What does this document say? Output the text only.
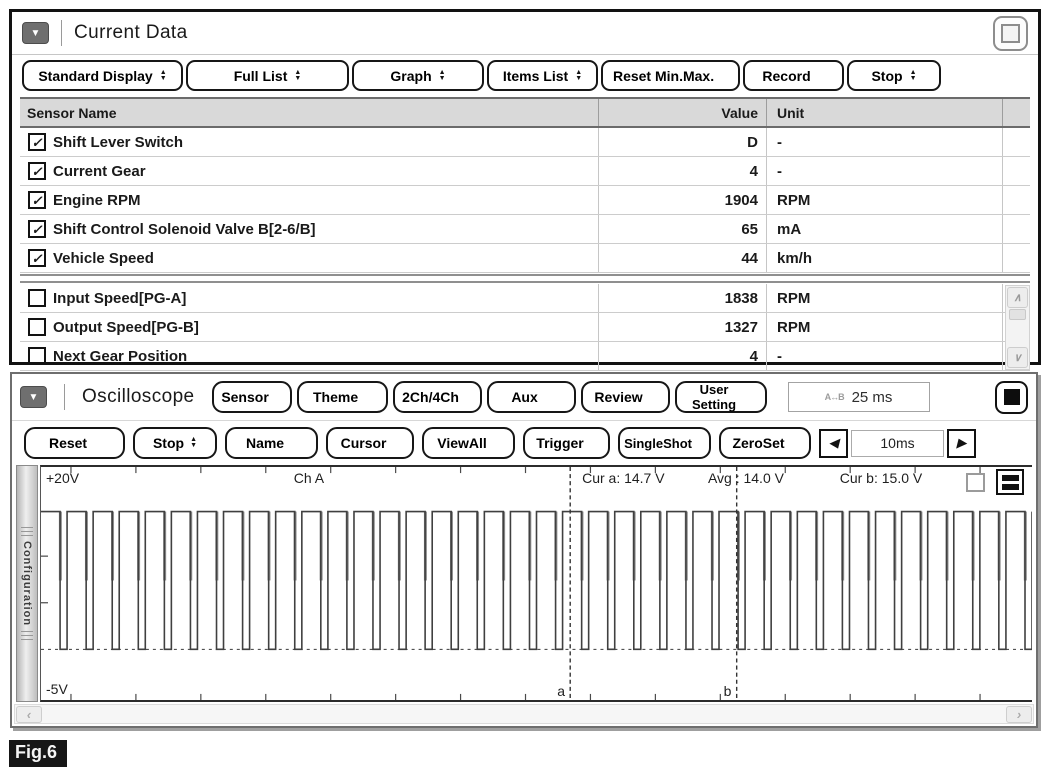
▼ Current Data
Standard Display ▲
▼	Full List ▲
▼	Graph ▲
▼	Items List ▲
▼ Reset Min.Max.	Record	Stop ▲
▼
Sensor Name	Value	Unit
✓ Shift Lever Switch	D -
✓ Current Gear	4 -
✓ Engine RPM	1904 RPM
✓ Shift Control Solenoid Valve B[2-6/B]	65 mA
✓ Vehicle Speed	44 km/h
Input Speed[PG-A]	1838 RPM
Output Speed[PG-B]	1327 RPM
Next Gear Position	4 -
∧
∨
▼ Oscilloscope Sensor	Theme	2Ch/4Ch	Aux	Review	User Setting	A↔B 25 ms
Reset	Stop ▲
▼	Name	Cursor	ViewAll	Trigger	SingleShot	ZeroSet	◀	10ms	▶
Configuration
+20V	Ch A	Cur a: 14.7 V	Avg : 14.0 V	Cur b: 15.0 V
-5V	a	b
‹	›
Fig.6
